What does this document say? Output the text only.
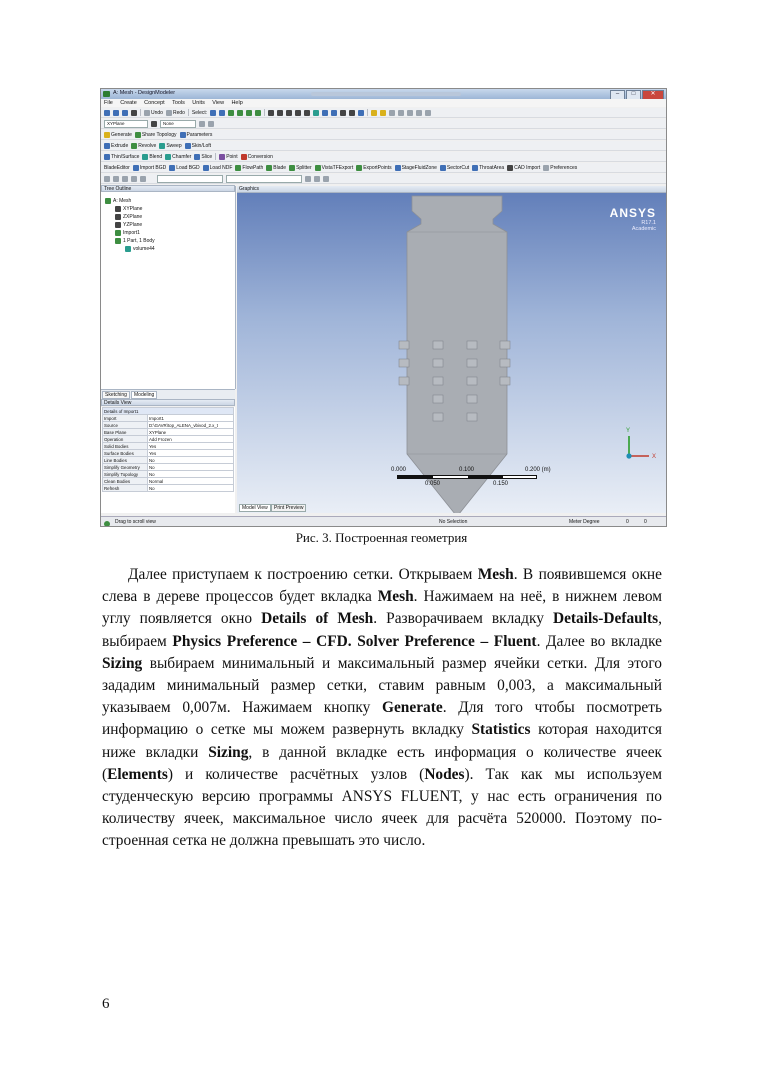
A: Mesh - DesignModeler	–	□	✕
File Create Concept Tools Units View Help
Undo Redo Select:
XYPlane	None
Generate Share Topology Parameters
Extrude Revolve Sweep Skin/Loft
Thin/Surface Blend Chamfer Slice	Point Conversion
BladeEditor Import BGD Load BGD Load NDF FlowPath Blade Splitter VistaTFExport ExportPoints StageFluidZone SectorCut ThroatArea CAD Import Preferences
Tree Outline
A: Mesh
XYPlane
ZXPlane
YZPlane
Import1
1 Part, 1 Body
volume44
Sketching	Modeling
Details View
Details of Import1	
Import	Import1
Source	D:\GAVR\top_ALENA_vbivod_2.x_t
Base Plane	XYPlane
Operation	Add Frozen
Solid Bodies	Yes
Surface Bodies	Yes
Line Bodies	No
Simplify Geometry	No
Simplify Topology	No
Clean Bodies	Normal
Refresh	No
Graphics
Y
X
ANSYS
R17.1
Academic
0.000	0.100	0.200 (m)
0.050	0.150
Model View	Print Preview
Drag to scroll view	No Selection	Meter Degree	0	0
Рис. 3. Построенная геометрия
Далее приступаем к построению сетки. Открываем Mesh. В появившемся окне слева в дереве процессов будет вкладка Mesh. Нажимаем на неё, в нижнем левом углу появляется окно Details of Mesh. Разворачиваем вкладку Details-Defaults, выбираем Physics Preference – CFD. Solver Preference – Fluent. Далее во вкладке Sizing выбираем минимальный и максимальный размер ячейки сетки. Для этого зададим минимальный размер сетки, ставим равным 0,003, а максимальный указываем 0,007м. Нажимаем кнопку Generate. Для того чтобы посмотреть информацию о сетке мы можем развернуть вкладку Statistics которая находится ниже вкладки Sizing, в данной вкладке есть информация о количестве ячеек (Elements) и количестве расчётных узлов (Nodes). Так как мы используем студенческую версию программы ANSYS FLUENT, у нас есть ограничения по количеству ячеек, максимальное число ячеек для расчёта 520000. Поэтому построенная сетка не должна превышать это число.
6
